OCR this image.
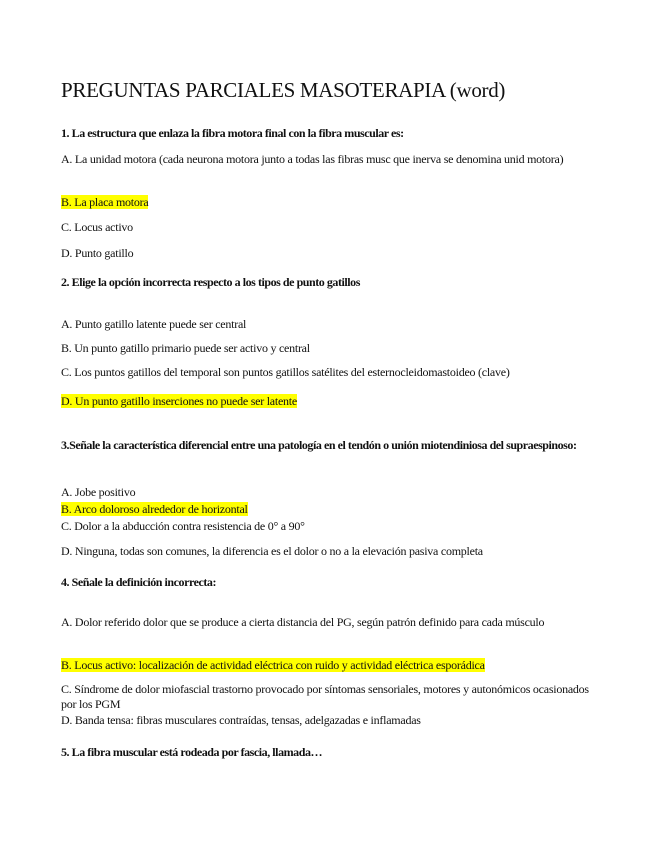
PREGUNTAS PARCIALES MASOTERAPIA (word)
1. La estructura que enlaza la fibra motora final con la fibra muscular es:
A. La unidad motora (cada neurona motora junto a todas las fibras musc que inerva se denomina unid motora)
B. La placa motora
C. Locus activo
D. Punto gatillo
2. Elige la opción incorrecta respecto a los tipos de punto gatillos
A. Punto gatillo latente puede ser central
B. Un punto gatillo primario puede ser activo y central
C. Los puntos gatillos del temporal son puntos gatillos satélites del esternocleidomastoideo (clave)
D. Un punto gatillo inserciones no puede ser latente
3.Señale la característica diferencial entre una patología en el tendón o unión miotendiniosa del supraespinoso:
A. Jobe positivo
B. Arco doloroso alrededor de horizontal
C. Dolor a la abducción contra resistencia de 0° a 90°
D. Ninguna, todas son comunes, la diferencia es el dolor o no a la elevación pasiva completa
4. Señale la definición incorrecta:
A. Dolor referido dolor que se produce a cierta distancia del PG, según patrón definido para cada músculo
B. Locus activo: localización de actividad eléctrica con ruido y actividad eléctrica esporádica
C. Síndrome de dolor miofascial trastorno provocado por síntomas sensoriales, motores y autonómicos ocasionados por los PGM
D. Banda tensa: fibras musculares contraídas, tensas, adelgazadas e inflamadas
5. La fibra muscular está rodeada por fascia, llamada…
